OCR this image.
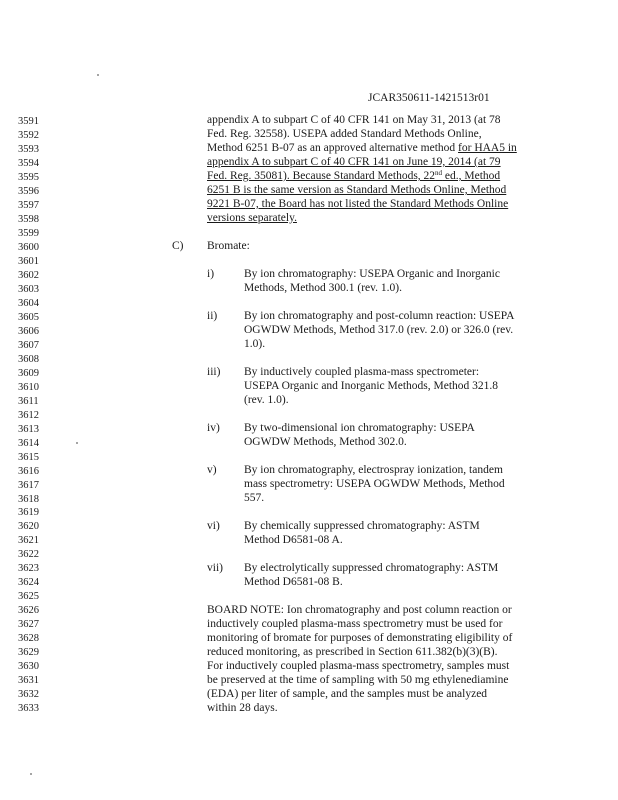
JCAR350611-1421513r01
3591
3592
3593
3594
3595
3596
3597
3598
3599
3600
3601
3602
3603
3604
3605
3606
3607
3608
3609
3610
3611
3612
3613
3614
3615
3616
3617
3618
3619
3620
3621
3622
3623
3624
3625
3626
3627
3628
3629
3630
3631
3632
3633
appendix A to subpart C of 40 CFR 141 on May 31, 2013 (at 78
Fed. Reg. 32558). USEPA added Standard Methods Online,
Method 6251 B-07 as an approved alternative method for HAA5 in
appendix A to subpart C of 40 CFR 141 on June 19, 2014 (at 79
Fed. Reg. 35081). Because Standard Methods, 22nd ed., Method
6251 B is the same version as Standard Methods Online, Method
9221 B-07, the Board has not listed the Standard Methods Online
versions separately.
C) Bromate:
i)	By ion chromatography: USEPA Organic and Inorganic
Methods, Method 300.1 (rev. 1.0).
ii) By ion chromatography and post-column reaction: USEPA
OGWDW Methods, Method 317.0 (rev. 2.0) or 326.0 (rev.
1.0).
iii) By inductively coupled plasma-mass spectrometer:
USEPA Organic and Inorganic Methods, Method 321.8
(rev. 1.0).
iv) By two-dimensional ion chromatography: USEPA
OGWDW Methods, Method 302.0.
v) By ion chromatography, electrospray ionization, tandem
mass spectrometry: USEPA OGWDW Methods, Method
557.
vi) By chemically suppressed chromatography: ASTM
Method D6581-08 A.
vii) By electrolytically suppressed chromatography: ASTM
Method D6581-08 B.
BOARD NOTE: Ion chromatography and post column reaction or
inductively coupled plasma-mass spectrometry must be used for
monitoring of bromate for purposes of demonstrating eligibility of
reduced monitoring, as prescribed in Section 611.382(b)(3)(B).
For inductively coupled plasma-mass spectrometry, samples must
be preserved at the time of sampling with 50 mg ethylenediamine
(EDA) per liter of sample, and the samples must be analyzed
within 28 days.
